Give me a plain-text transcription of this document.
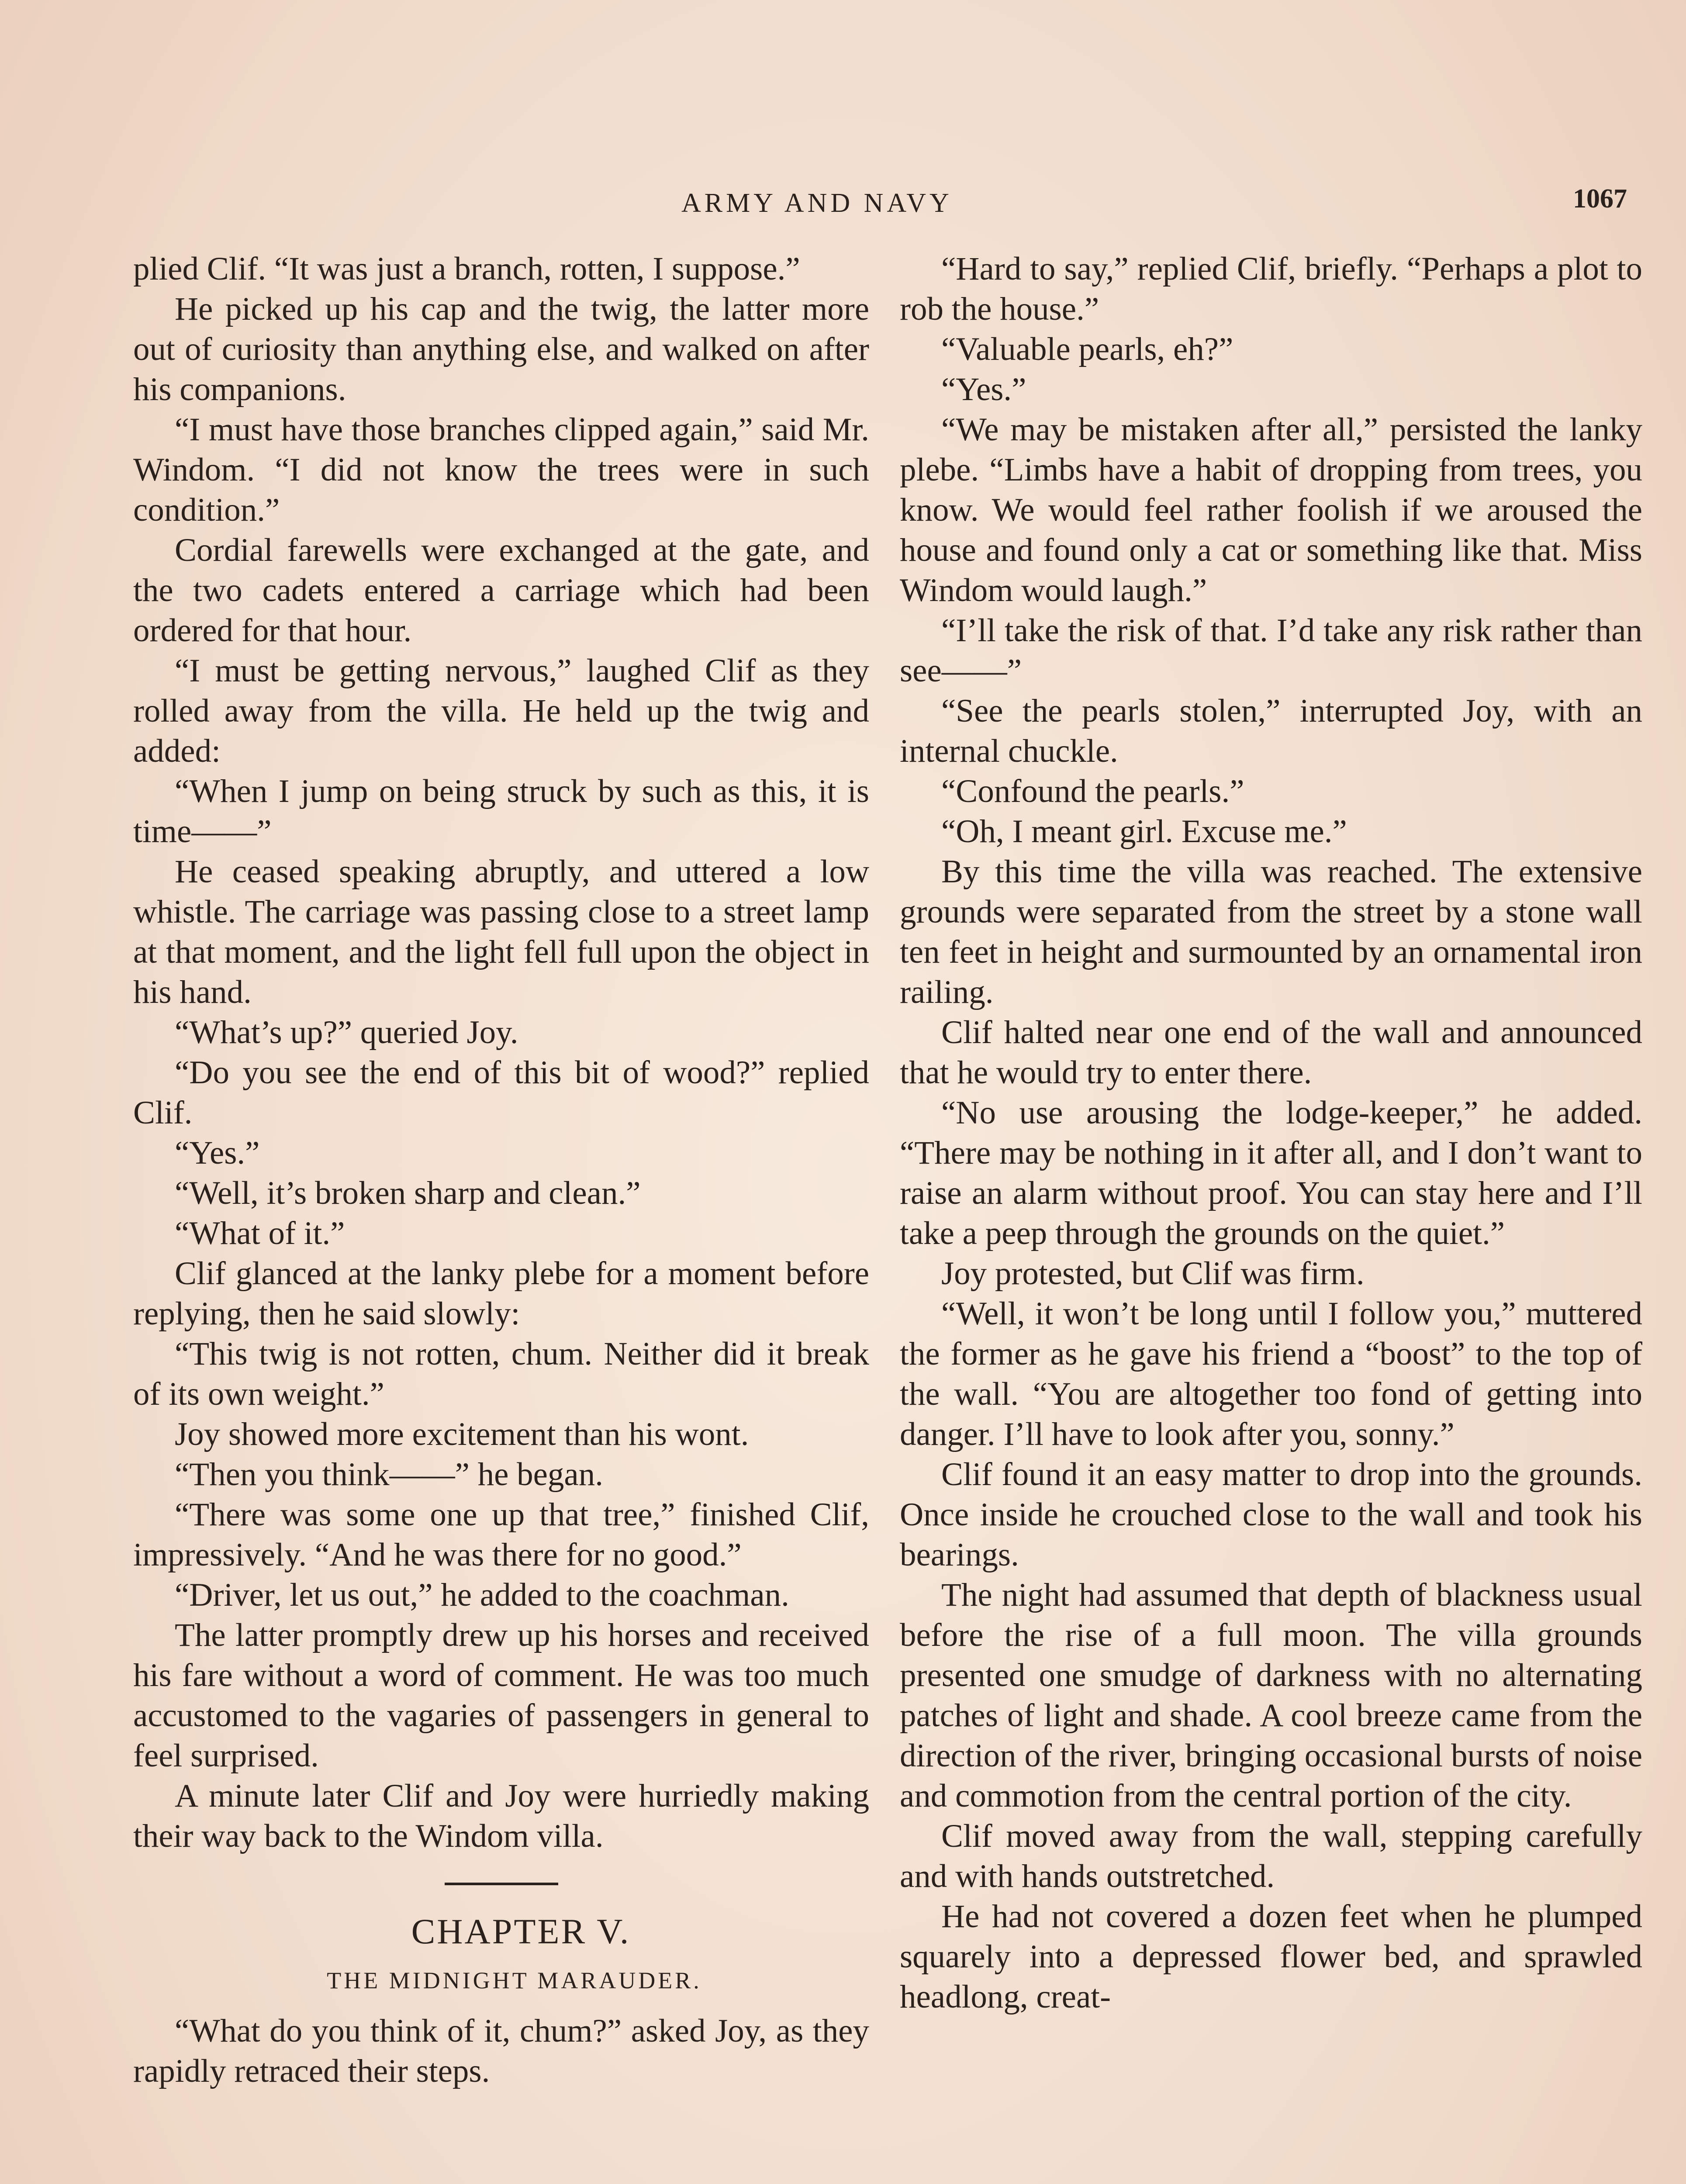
ARMY AND NAVY	1067

plied Clif. “It was just a branch, rotten, I suppose.”

He picked up his cap and the twig, the latter more out of curiosity than anything else, and walked on after his companions.

“I must have those branches clipped again,” said Mr. Windom. “I did not know the trees were in such condition.”

Cordial farewells were exchanged at the gate, and the two cadets entered a carriage which had been ordered for that hour.

“I must be getting nervous,” laughed Clif as they rolled away from the villa. He held up the twig and added:

“When I jump on being struck by such as this, it is time——”

He ceased speaking abruptly, and uttered a low whistle. The carriage was passing close to a street lamp at that moment, and the light fell full upon the object in his hand.

“What’s up?” queried Joy.

“Do you see the end of this bit of wood?” replied Clif.

“Yes.”

“Well, it’s broken sharp and clean.”

“What of it.”

Clif glanced at the lanky plebe for a moment before replying, then he said slowly:

“This twig is not rotten, chum. Neither did it break of its own weight.”

Joy showed more excitement than his wont.

“Then you think——” he began.

“There was some one up that tree,” finished Clif, impressively. “And he was there for no good.”

“Driver, let us out,” he added to the coachman.

The latter promptly drew up his horses and received his fare without a word of comment. He was too much accustomed to the vagaries of passengers in general to feel surprised.

A minute later Clif and Joy were hurriedly making their way back to the Windom villa.

CHAPTER V.

THE MIDNIGHT MARAUDER.

“What do you think of it, chum?” asked Joy, as they rapidly retraced their steps.

“Hard to say,” replied Clif, briefly. “Perhaps a plot to rob the house.”

“Valuable pearls, eh?”

“Yes.”

“We may be mistaken after all,” persisted the lanky plebe. “Limbs have a habit of dropping from trees, you know. We would feel rather foolish if we aroused the house and found only a cat or something like that. Miss Windom would laugh.”

“I’ll take the risk of that. I’d take any risk rather than see——”

“See the pearls stolen,” interrupted Joy, with an internal chuckle.

“Confound the pearls.”

“Oh, I meant girl. Excuse me.”

By this time the villa was reached. The extensive grounds were separated from the street by a stone wall ten feet in height and surmounted by an ornamental iron railing.

Clif halted near one end of the wall and announced that he would try to enter there.

“No use arousing the lodge-keeper,” he added. “There may be nothing in it after all, and I don’t want to raise an alarm without proof. You can stay here and I’ll take a peep through the grounds on the quiet.”

Joy protested, but Clif was firm.

“Well, it won’t be long until I follow you,” muttered the former as he gave his friend a “boost” to the top of the wall. “You are altogether too fond of getting into danger. I’ll have to look after you, sonny.”

Clif found it an easy matter to drop into the grounds. Once inside he crouched close to the wall and took his bearings.

The night had assumed that depth of blackness usual before the rise of a full moon. The villa grounds presented one smudge of darkness with no alternating patches of light and shade. A cool breeze came from the direction of the river, bringing occasional bursts of noise and commotion from the central portion of the city.

Clif moved away from the wall, stepping carefully and with hands outstretched.

He had not covered a dozen feet when he plumped squarely into a depressed flower bed, and sprawled headlong, creat-
